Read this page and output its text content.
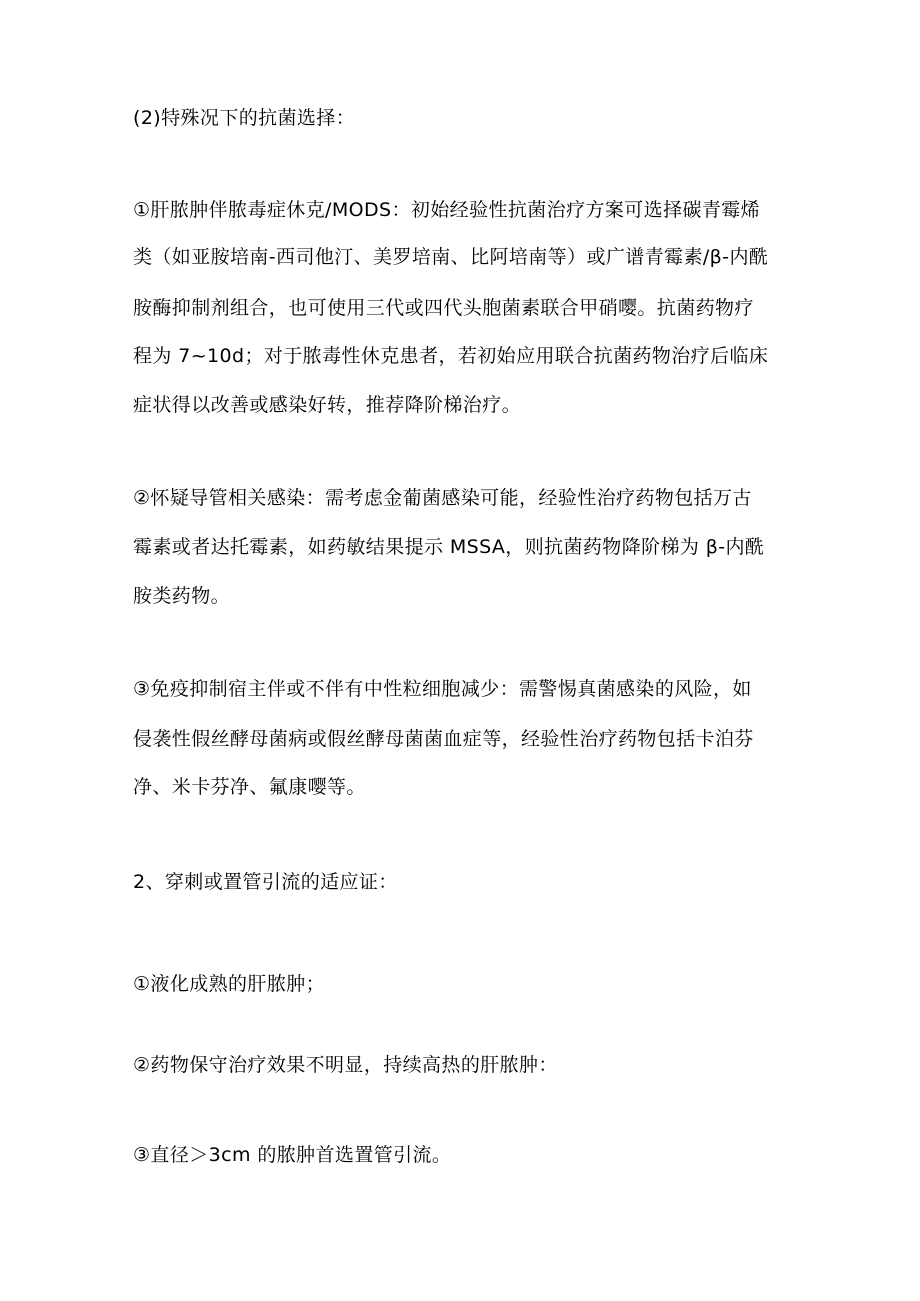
(2)特殊况下的抗菌选择：
①肝脓肿伴脓毒症休克/MODS：初始经验性抗菌治疗方案可选择碳青霉烯
类（如亚胺培南-西司他汀、美罗培南、比阿培南等）或广谱青霉素/β-内酰
胺酶抑制剂组合，也可使用三代或四代头胞菌素联合甲硝嘤。抗菌药物疗
程为 7~10d；对于脓毒性休克患者，若初始应用联合抗菌药物治疗后临床
症状得以改善或感染好转，推荐降阶梯治疗。
②怀疑导管相关感染：需考虑金葡菌感染可能，经验性治疗药物包括万古
霉素或者达托霉素，如药敏结果提示 MSSA，则抗菌药物降阶梯为 β-内酰
胺类药物。
③免疫抑制宿主伴或不伴有中性粒细胞减少：需警惕真菌感染的风险，如
侵袭性假丝酵母菌病或假丝酵母菌菌血症等，经验性治疗药物包括卡泊芬
净、米卡芬净、氟康嘤等。
2、穿刺或置管引流的适应证：
①液化成熟的肝脓肿；
②药物保守治疗效果不明显，持续高热的肝脓肿：
③直径＞3cm 的脓肿首选置管引流。
